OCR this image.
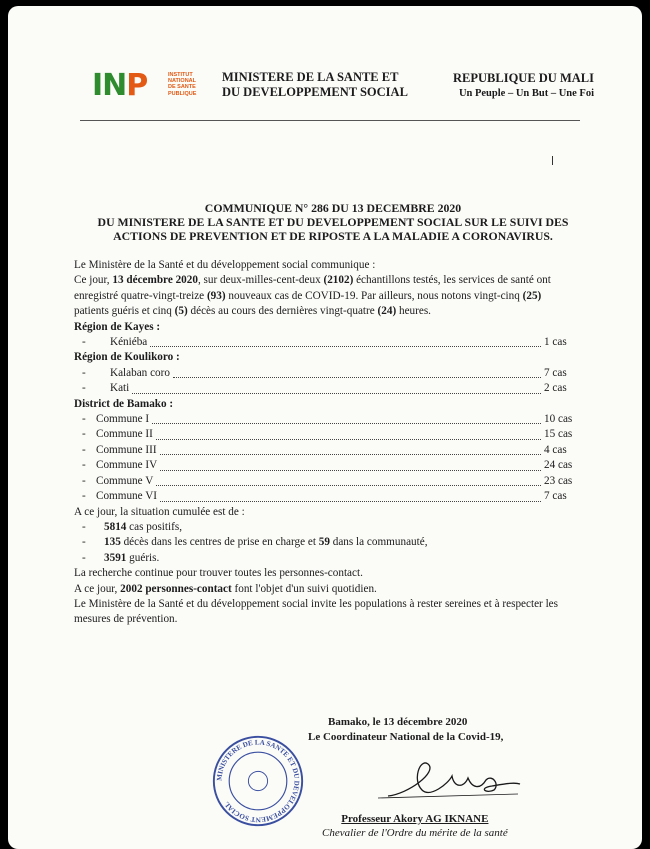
INP	INSTITUT
NATIONAL
DE SANTE
PUBLIQUE
MINISTERE DE LA SANTE ET
DU DEVELOPPEMENT SOCIAL
REPUBLIQUE DU MALI
Un Peuple – Un But – Une Foi
COMMUNIQUE N° 286 DU 13 DECEMBRE 2020
DU MINISTERE DE LA SANTE ET DU DEVELOPPEMENT SOCIAL SUR LE SUIVI DES
ACTIONS DE PREVENTION ET DE RIPOSTE A LA MALADIE A CORONAVIRUS.

Le Ministère de la Santé et du développement social communique :

Ce jour, 13 décembre 2020, sur deux-milles-cent-deux (2102) échantillons testés, les services de santé ont enregistré quatre-vingt-treize (93) nouveaux cas de COVID-19. Par ailleurs, nous notons vingt-cinq (25) patients guéris et cinq (5) décès au cours des dernières vingt-quatre (24) heures.

Région de Kayes :

-	Kéniéba	1 cas

Région de Koulikoro :

-	Kalaban coro	7 cas
-	Kati	2 cas

District de Bamako :

- Commune I	10 cas
- Commune II	15 cas
- Commune III	4 cas
- Commune IV	24 cas
- Commune V	23 cas
- Commune VI	7 cas

A ce jour, la situation cumulée est de :

-	5814 cas positifs,
-	135 décès dans les centres de prise en charge et 59 dans la communauté,
-	3591 guéris.

La recherche continue pour trouver toutes les personnes-contact.

A ce jour, 2002 personnes-contact font l'objet d'un suivi quotidien.

Le Ministère de la Santé et du développement social invite les populations à rester sereines et à respecter les mesures de prévention.

Bamako, le 13 décembre 2020
Le Coordinateur National de la Covid-19,
MINISTERE DE LA SANTE ET DU DEVELOPPEMENT SOCIAL
Professeur Akory AG IKNANE
Chevalier de l'Ordre du mérite de la santé
